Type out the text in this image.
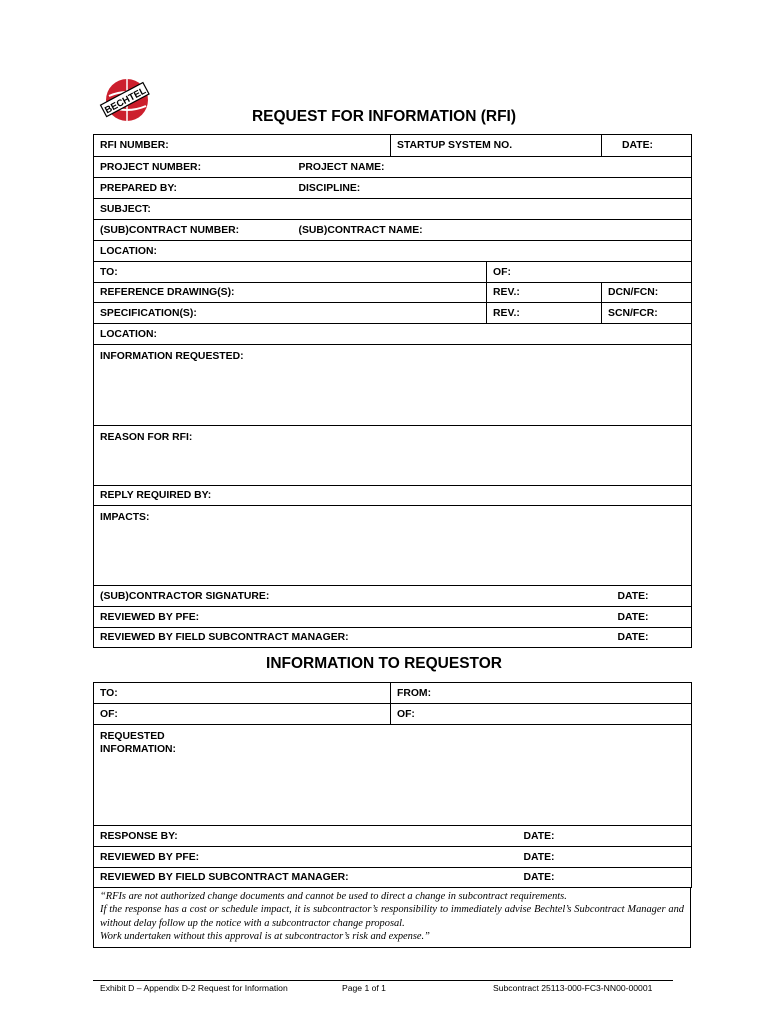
BECHTEL
REQUEST FOR INFORMATION (RFI)
RFI NUMBER:		STARTUP SYSTEM NO.		DATE:
PROJECT NUMBER:	PROJECT NAME:			
PREPARED BY:	DISCIPLINE:			
SUBJECT:				
(SUB)CONTRACT NUMBER:	(SUB)CONTRACT NAME:			
LOCATION:				
TO:			OF:	
REFERENCE DRAWING(S):			REV.:	DCN/FCN:
SPECIFICATION(S):			REV.:	SCN/FCR:
LOCATION:				
INFORMATION REQUESTED:				
REASON FOR RFI:				
REPLY REQUIRED BY:				
IMPACTS:				
(SUB)CONTRACTOR SIGNATURE:				DATE:
REVIEWED BY PFE:				DATE:
REVIEWED BY FIELD SUBCONTRACT MANAGER:				DATE:
INFORMATION TO REQUESTOR
TO:	FROM:	
OF:	OF:	

REQUESTED
INFORMATION:		

RESPONSE BY:		DATE:
REVIEWED BY PFE:		DATE:
REVIEWED BY FIELD SUBCONTRACT MANAGER:		DATE:

“RFIs are not authorized change documents and cannot be used to direct a change in subcontract requirements.

If the response has a cost or schedule impact, it is subcontractor’s responsibility to immediately advise Bechtel’s Subcontract Manager and without delay follow up the notice with a subcontractor change proposal.

Work undertaken without this approval is at subcontractor’s risk and expense.”

Exhibit D – Appendix D-2 Request for Information	Page 1 of 1	Subcontract 25113-000-FC3-NN00-00001
